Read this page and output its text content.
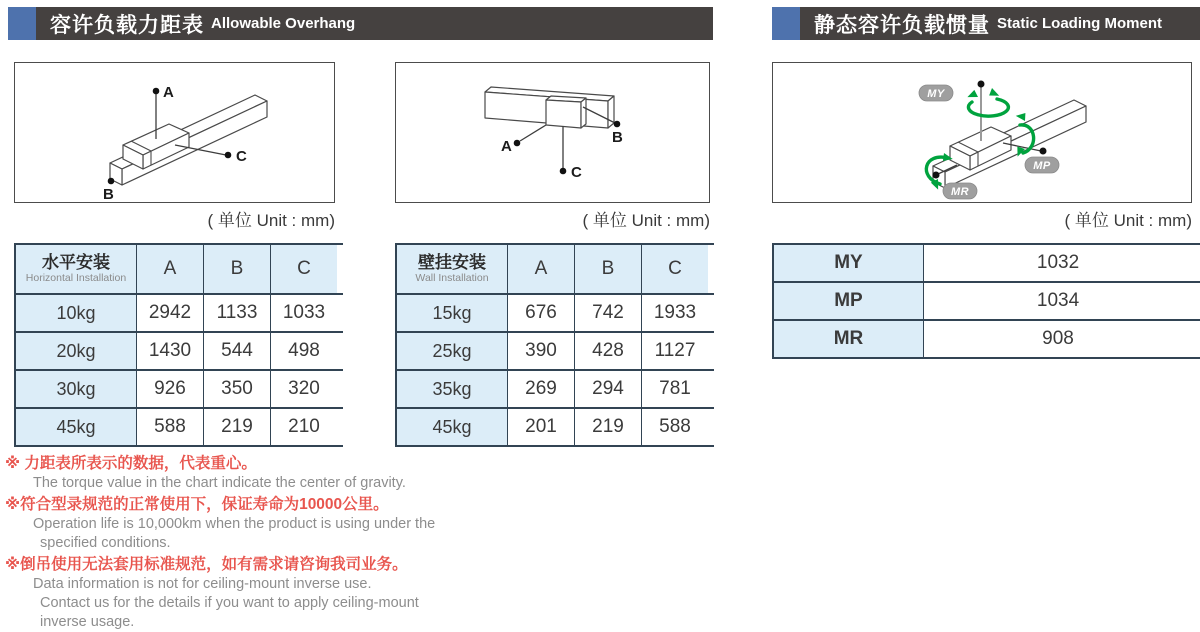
容许负载力距表 Allowable Overhang	静态容许负载惯量 Static Loading Moment
A
B
C
( 单位 Unit : mm)
A
B
C
( 单位 Unit : mm)
MY
MP
MR
( 单位 Unit : mm)
水平安装
Horizontal Installation	A	B	C	
10kg	2942	1133	1033	
20kg	1430	544	498	
30kg	926	350	320	
45kg	588	219	210	
壁挂安装
Wall Installation	A	B	C	
15kg	676	742	1933	
25kg	390	428	1127	
35kg	269	294	781	
45kg	201	219	588	
MY	1032	
MP	1034	
MR	908	
※ 力距表所表示的数据，代表重心。
The torque value in the chart indicate the center of gravity.
※符合型录规范的正常使用下，保证寿命为10000公里。
Operation life is 10,000km when the product is using under the
specified conditions.
※倒吊使用无法套用标准规范，如有需求请咨询我司业务。
Data information is not for ceiling-mount inverse use.
Contact us for the details if you want to apply ceiling-mount
inverse usage.
